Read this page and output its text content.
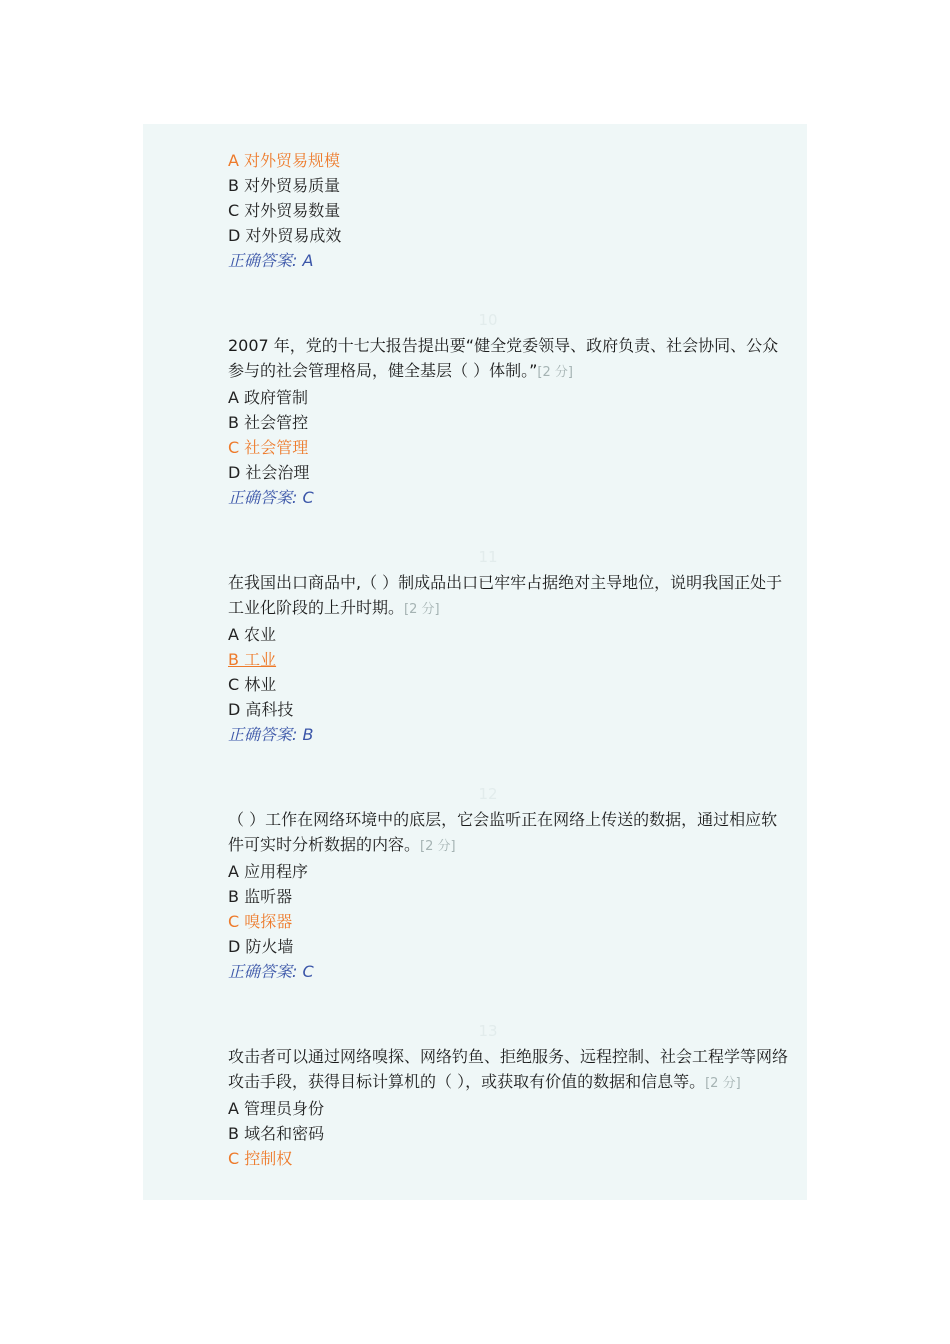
A 对外贸易规模
B 对外贸易质量
C 对外贸易数量
D 对外贸易成效
正确答案: A
10
2007 年，党的十七大报告提出要“健全党委领导、政府负责、社会协同、公众参与的社会管理格局，健全基层（ ）体制。”[2 分]
A 政府管制
B 社会管控
C 社会管理
D 社会治理
正确答案: C
11
在我国出口商品中,（ ）制成品出口已牢牢占据绝对主导地位，说明我国正处于工业化阶段的上升时期。[2 分]
A 农业
B 工业
C 林业
D 高科技
正确答案: B
12
（ ）工作在网络环境中的底层，它会监听正在网络上传送的数据，通过相应软件可实时分析数据的内容。[2 分]
A 应用程序
B 监听器
C 嗅探器
D 防火墙
正确答案: C
13
攻击者可以通过网络嗅探、网络钓鱼、拒绝服务、远程控制、社会工程学等网络攻击手段，获得目标计算机的（ ），或获取有价值的数据和信息等。[2 分]
A 管理员身份
B 域名和密码
C 控制权
